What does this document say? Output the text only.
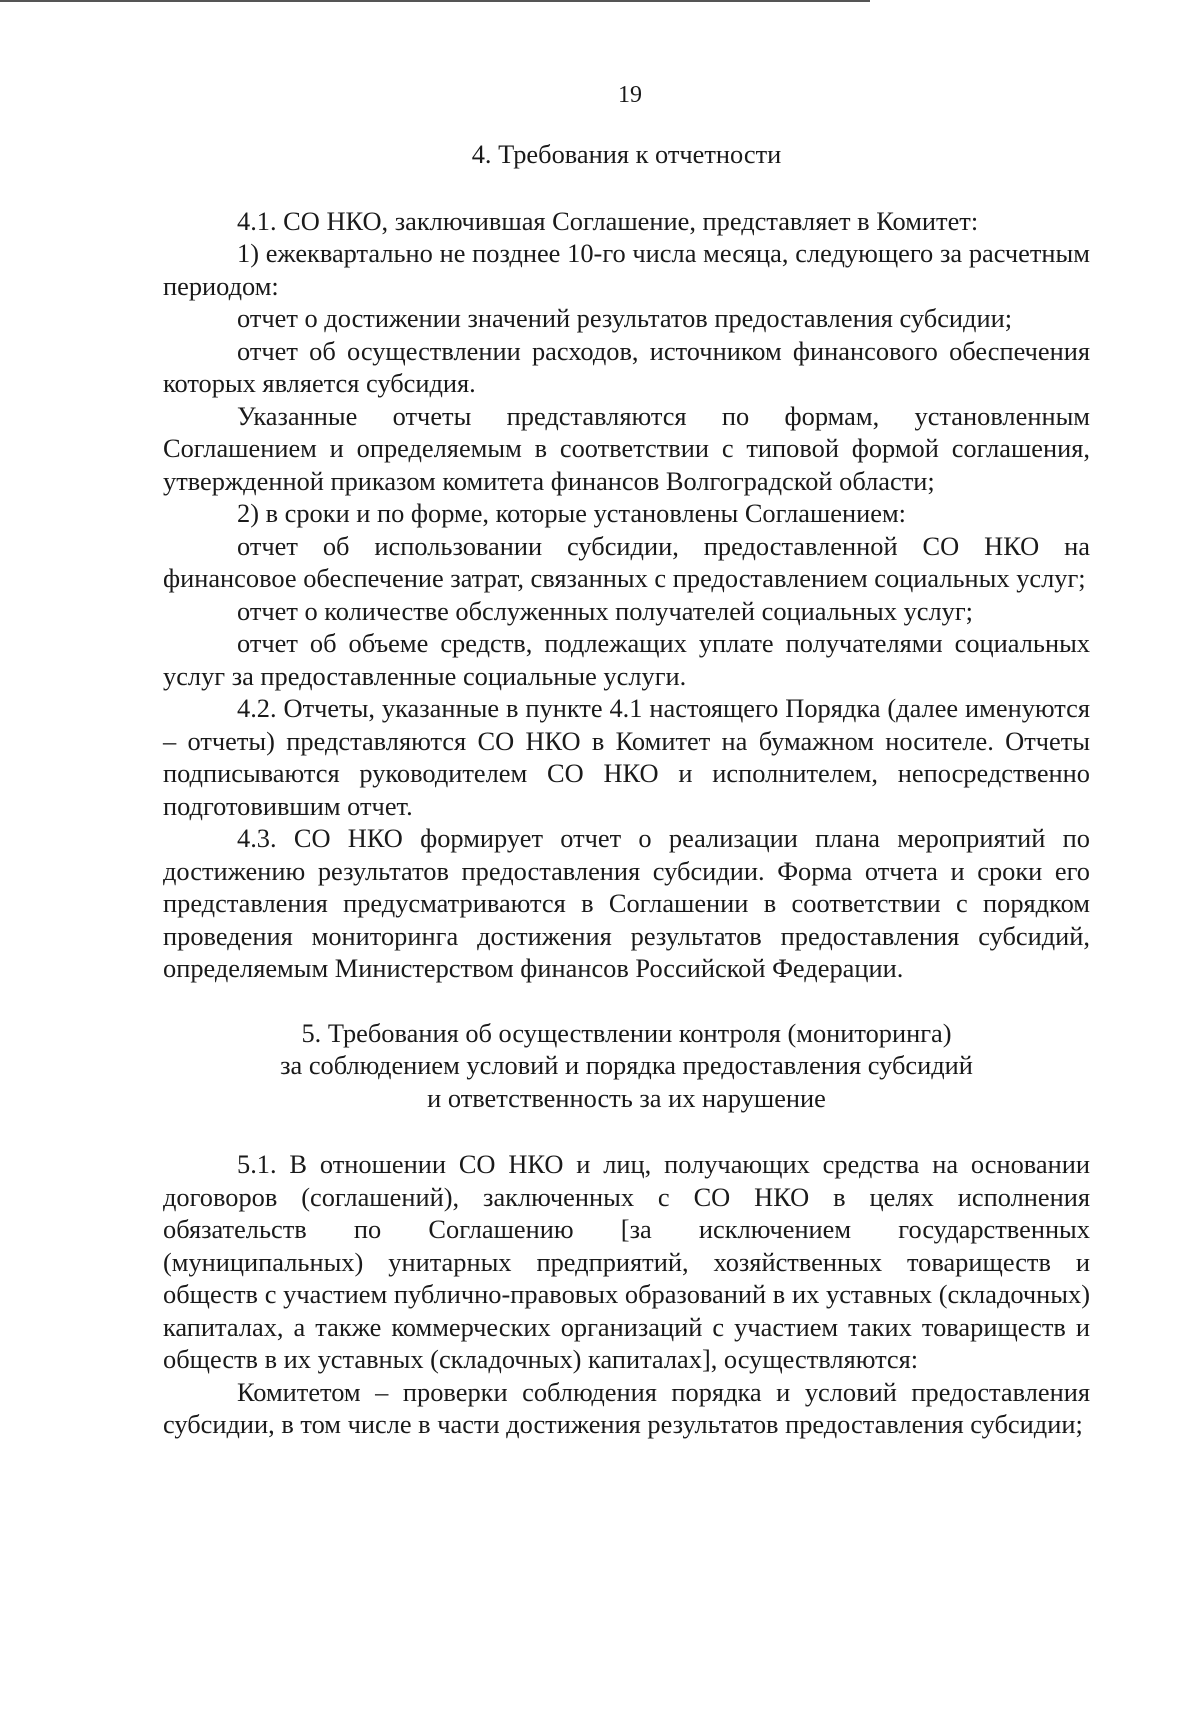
19

4. Требования к отчетности

4.1. СО НКО, заключившая Соглашение, представляет в Комитет:

1) ежеквартально не позднее 10-го числа месяца, следующего за расчетным периодом:

отчет о достижении значений результатов предоставления субсидии;

отчет об осуществлении расходов, источником финансового обеспечения которых является субсидия.

Указанные отчеты представляются по формам, установленным Соглашением и определяемым в соответствии с типовой формой соглашения, утвержденной приказом комитета финансов Волгоградской области;

2) в сроки и по форме, которые установлены Соглашением:

отчет об использовании субсидии, предоставленной СО НКО на финансовое обеспечение затрат, связанных с предоставлением социальных услуг;

отчет о количестве обслуженных получателей социальных услуг;

отчет об объеме средств, подлежащих уплате получателями социальных услуг за предоставленные социальные услуги.

4.2. Отчеты, указанные в пункте 4.1 настоящего Порядка (далее именуются – отчеты) представляются СО НКО в Комитет на бумажном носителе. Отчеты подписываются руководителем СО НКО и исполнителем, непосредственно подготовившим отчет.

4.3. СО НКО формирует отчет о реализации плана мероприятий по достижению результатов предоставления субсидии. Форма отчета и сроки его представления предусматриваются в Соглашении в соответствии с порядком проведения мониторинга достижения результатов предоставления субсидий, определяемым Министерством финансов Российской Федерации.

5. Требования об осуществлении контроля (мониторинга)

за соблюдением условий и порядка предоставления субсидий

и ответственность за их нарушение

5.1. В отношении СО НКО и лиц, получающих средства на основании договоров (соглашений), заключенных с СО НКО в целях исполнения обязательств по Соглашению [за исключением государственных (муниципальных) унитарных предприятий, хозяйственных товариществ и обществ с участием публично-правовых образований в их уставных (складочных) капиталах, а также коммерческих организаций с участием таких товариществ и обществ в их уставных (складочных) капиталах], осуществляются:

Комитетом – проверки соблюдения порядка и условий предоставления субсидии, в том числе в части достижения результатов предоставления субсидии;
